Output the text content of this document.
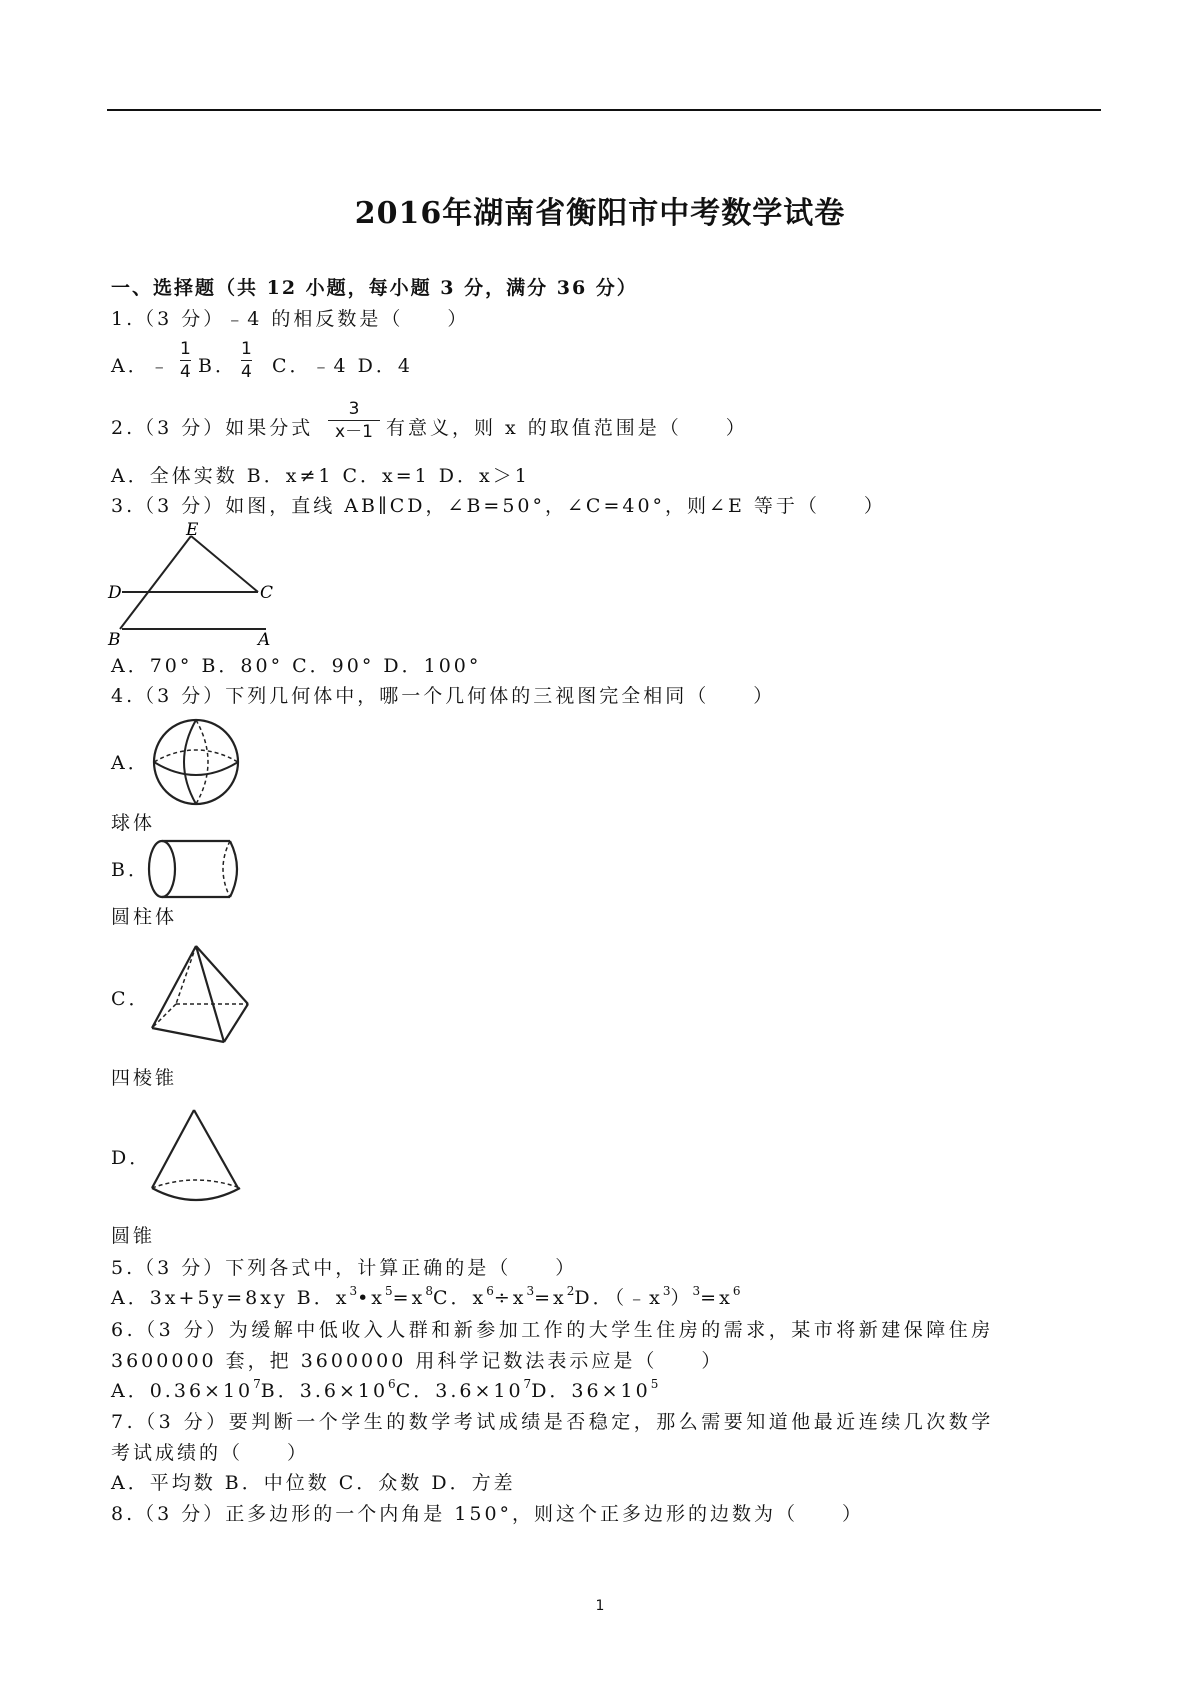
2016年湖南省衡阳市中考数学试卷
一、选择题（共 12 小题，每小题 3 分，满分 36 分）
1.（3 分）﹣4 的相反数是（　　）
A．﹣
1
4 B．
1
4 C．﹣4 D．4
2.（3 分）如果分式
3
x－1 有意义，则 x 的取值范围是（　　）
A．全体实数 B．x≠1 C．x=1 D．x＞1
3.（3 分）如图，直线 AB∥CD，∠B=50°，∠C=40°，则∠E 等于（　　）
E
D	C
B	A
A．70° B．80° C．90° D．100°
4.（3 分）下列几何体中，哪一个几何体的三视图完全相同（　　）
A．
球体
B．
圆柱体
C．
四棱锥
D．
圆锥
5.（3 分）下列各式中，计算正确的是（　　）
A．3x+5y=8xy B．$x^3•x^5=x^8C$．$x^6\div x^3=x^2D$．$(﹣x^3)^3=x^6$
6.（3 分）为缓解中低收入人群和新参加工作的大学生住房的需求，某市将新建保障住房
3600000 套，把 3600000 用科学记数法表示应是（　　）
A．$0.36\times 10^7B$．$3.6\times 10^6C$．$3.6\times 10^7D$．$36\times 10^5$
7.（3 分）要判断一个学生的数学考试成绩是否稳定，那么需要知道他最近连续几次数学
考试成绩的（　　）
A．平均数 B．中位数 C．众数 D．方差
8.（3 分）正多边形的一个内角是 150°，则这个正多边形的边数为（　　）
1
